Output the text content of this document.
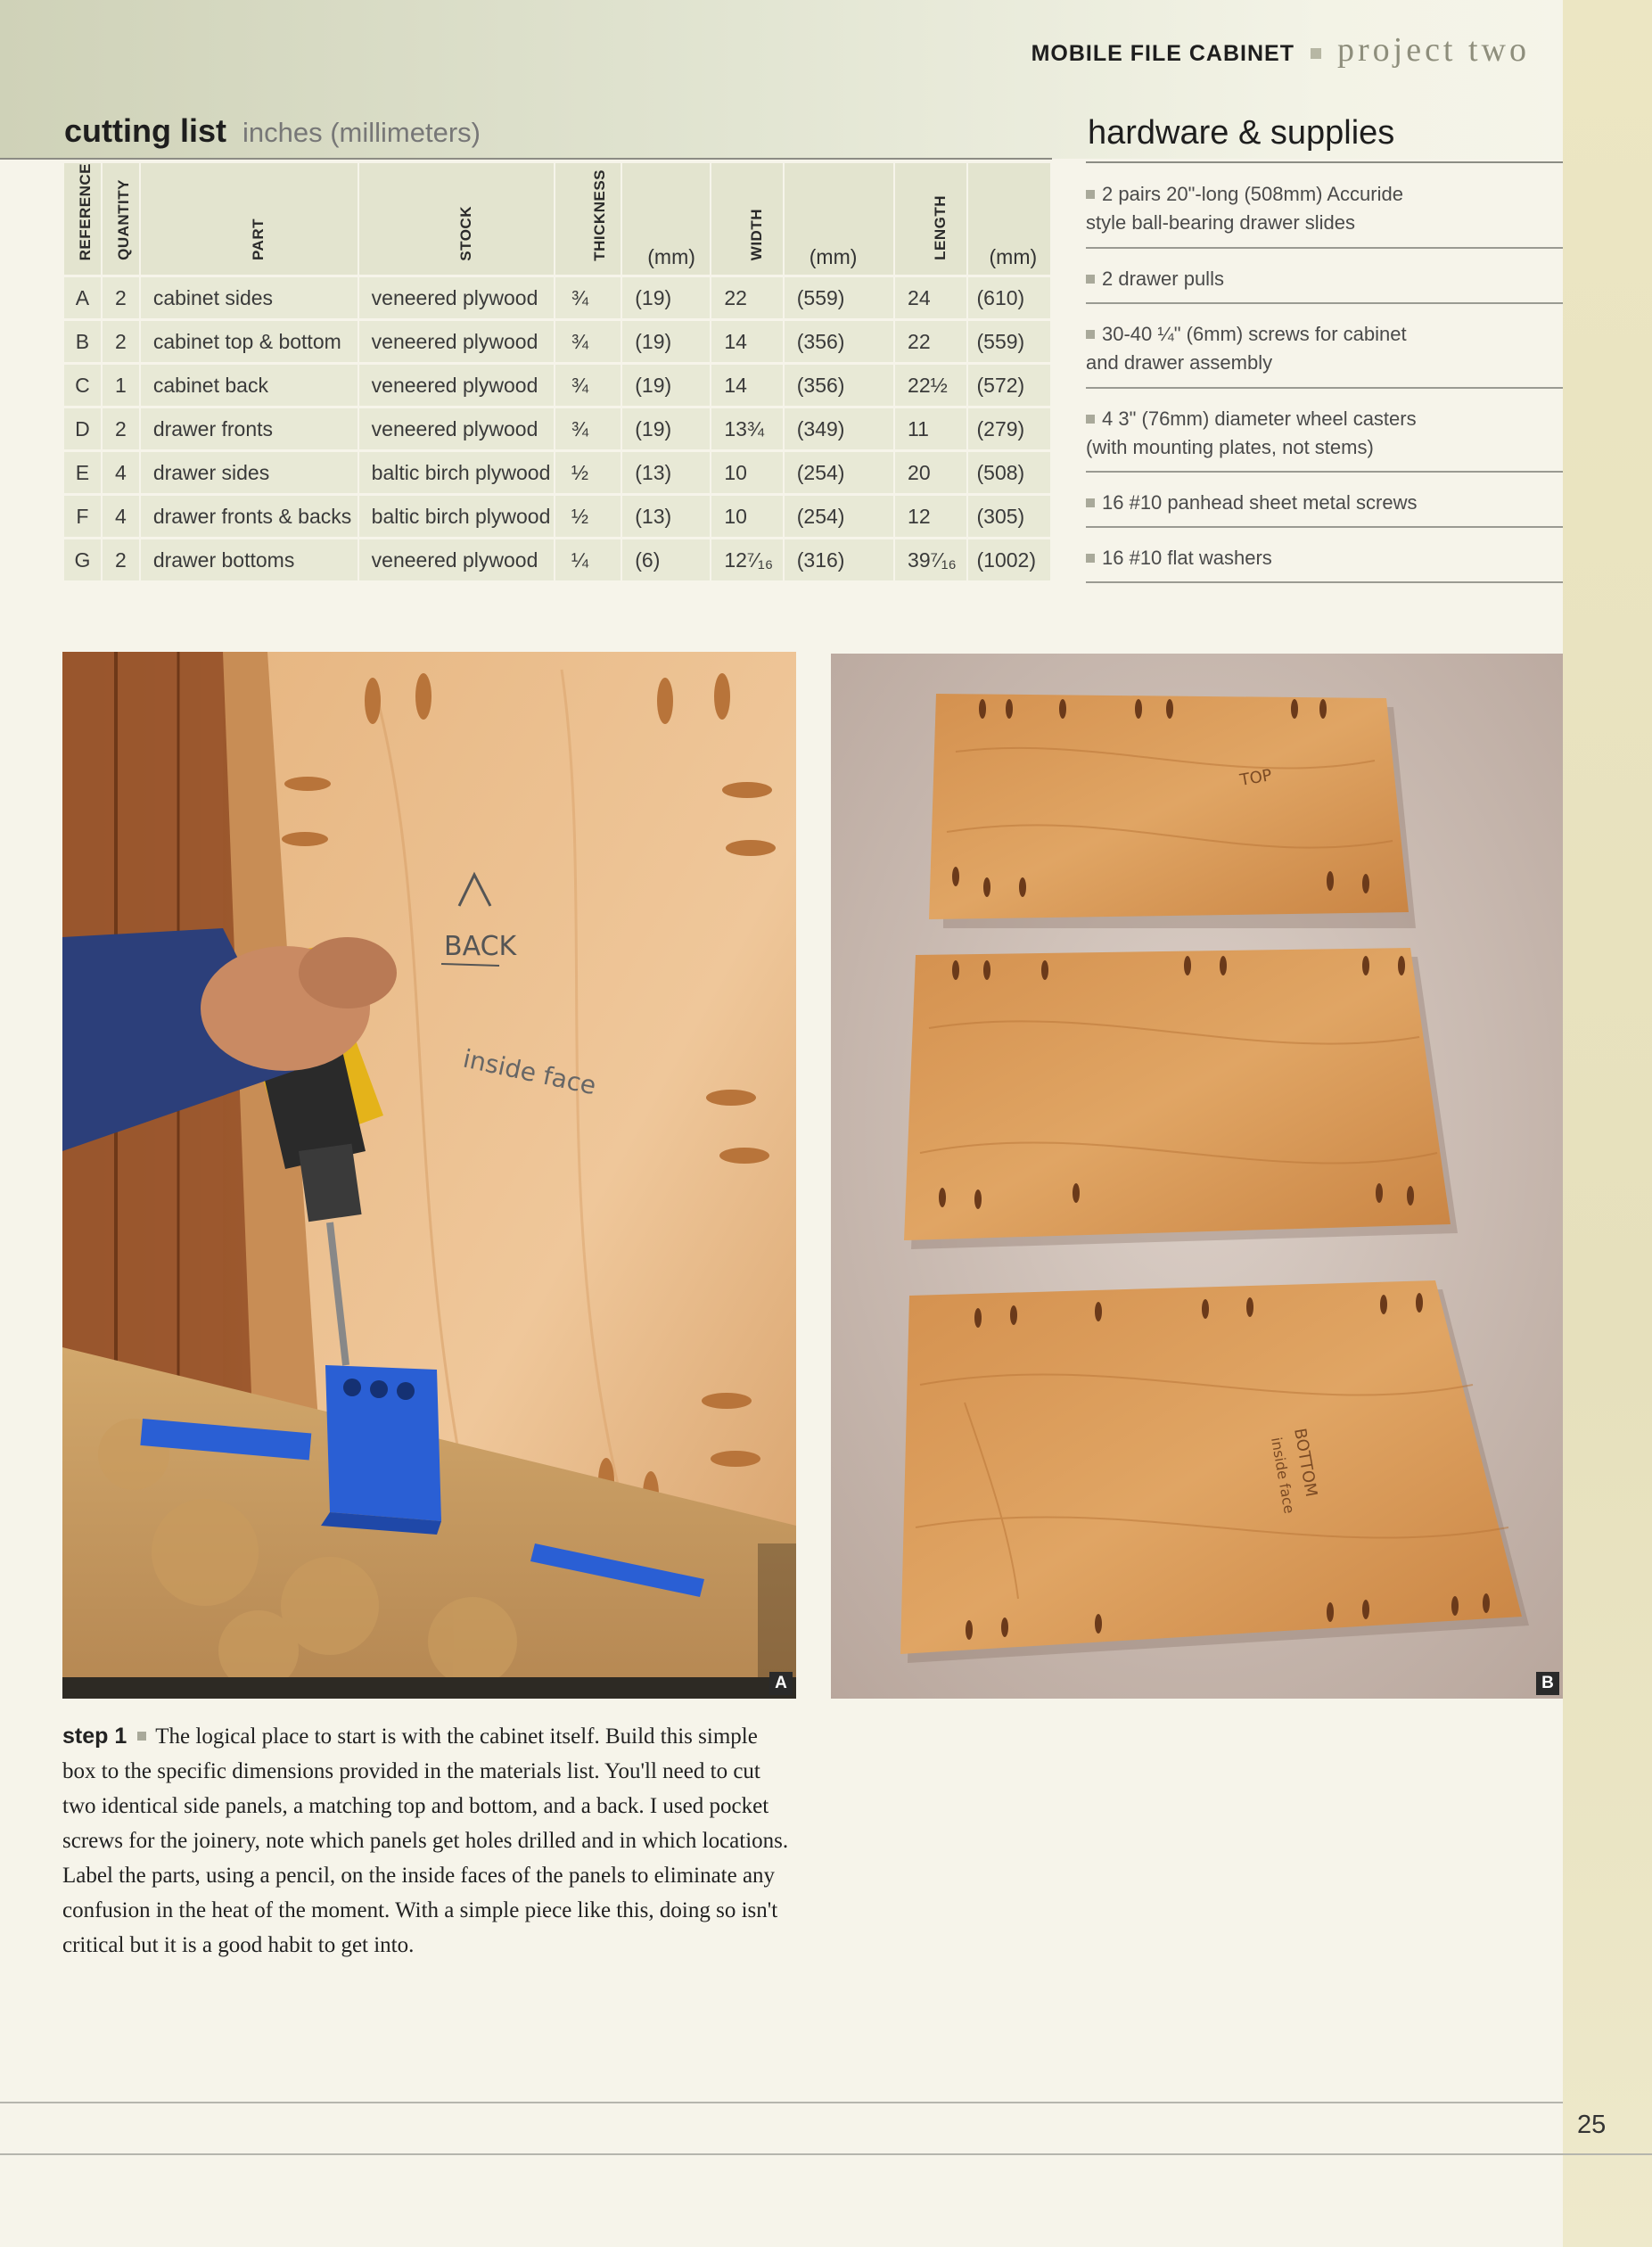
MOBILE FILE CABINET project two
cutting list inches (millimeters)	hardware & supplies
REFERENCE	QUANTITY	PART	STOCK	THICKNESS	(mm)	WIDTH	(mm)	LENGTH	(mm)

A	2	cabinet sides	veneered plywood	¾	(19)	22	(559)	24	(610)
B	2	cabinet top & bottom	veneered plywood	¾	(19)	14	(356)	22	(559)
C	1	cabinet back	veneered plywood	¾	(19)	14	(356)	22½	(572)
D	2	drawer fronts	veneered plywood	¾	(19)	13¾	(349)	11	(279)
E	4	drawer sides	baltic birch plywood	½	(13)	10	(254)	20	(508)
F	4	drawer fronts & backs	baltic birch plywood	½	(13)	10	(254)	12	(305)
G	2	drawer bottoms	veneered plywood	¼	(6)	12⁷⁄₁₆	(316)	39⁷⁄₁₆	(1002)
2 pairs 20"-long (508mm) Accuride
style ball-bearing drawer slides
2 drawer pulls
30-40 ¼" (6mm) screws for cabinet
and drawer assembly
4 3" (76mm) diameter wheel casters
(with mounting plates, not stems)
16 #10 panhead sheet metal screws
16 #10 flat washers
BACK
inside face
A
TOP
BOTTOM
inside face
B
step 1 The logical place to start is with the cabinet itself. Build this simple box to the specific dimensions provided in the materials list. You'll need to cut two identical side panels, a matching top and bottom, and a back. I used pocket screws for the joinery, note which panels get holes drilled and in which locations. Label the parts, using a pencil, on the inside faces of the panels to eliminate any confusion in the heat of the moment. With a simple piece like this, doing so isn't critical but it is a good habit to get into.
25
